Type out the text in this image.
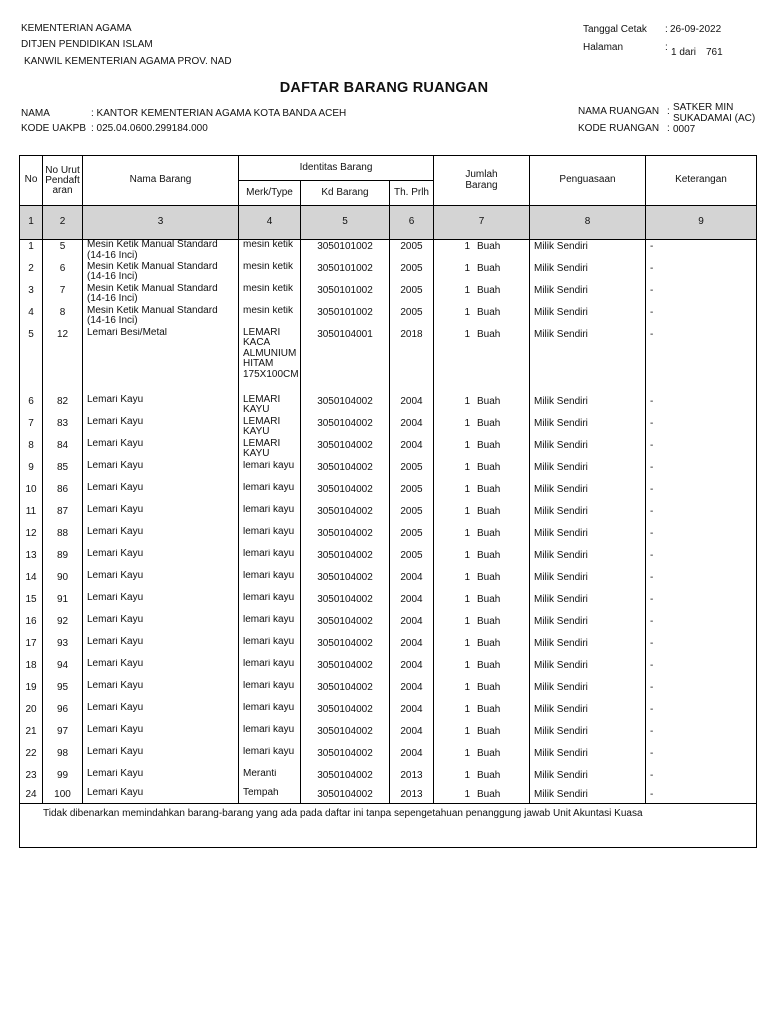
KEMENTERIAN AGAMA
DITJEN PENDIDIKAN ISLAM
KANWIL KEMENTERIAN AGAMA PROV. NAD
Tanggal Cetak : 26-09-2022
Halaman	: 1 dari 761
DAFTAR BARANG RUANGAN
NAMA	: KANTOR KEMENTERIAN AGAMA KOTA BANDA ACEH
KODE UAKPB : 025.04.0600.299184.000
NAMA RUANGAN : SATKER MIN
SUKADAMAI (AC)
KODE RUANGAN : 0007
No	No Urut Pendaft aran	Nama Barang	Identitas Barang			Jumlah Barang	Penguasaan	Keterangan
			Merk/Type	Kd Barang	Th. Prlh			
1	2	3	4	5	6	7	8	9
1	5	Mesin Ketik Manual Standard (14-16 Inci)	mesin ketik	3050101002	2005	1 Buah	Milik Sendiri	-
2	6	Mesin Ketik Manual Standard (14-16 Inci)	mesin ketik	3050101002	2005	1 Buah	Milik Sendiri	-
3	7	Mesin Ketik Manual Standard (14-16 Inci)	mesin ketik	3050101002	2005	1 Buah	Milik Sendiri	-
4	8	Mesin Ketik Manual Standard (14-16 Inci)	mesin ketik	3050101002	2005	1 Buah	Milik Sendiri	-
5	12	Lemari Besi/Metal	LEMARI KACA ALMUNIUM HITAM 175X100CM	3050104001	2018	1 Buah	Milik Sendiri	-
6	82	Lemari Kayu	LEMARI KAYU	3050104002	2004	1 Buah	Milik Sendiri	-
7	83	Lemari Kayu	LEMARI KAYU	3050104002	2004	1 Buah	Milik Sendiri	-
8	84	Lemari Kayu	LEMARI KAYU	3050104002	2004	1 Buah	Milik Sendiri	-
9	85	Lemari Kayu	lemari kayu	3050104002	2005	1 Buah	Milik Sendiri	-
10	86	Lemari Kayu	lemari kayu	3050104002	2005	1 Buah	Milik Sendiri	-
11	87	Lemari Kayu	lemari kayu	3050104002	2005	1 Buah	Milik Sendiri	-
12	88	Lemari Kayu	lemari kayu	3050104002	2005	1 Buah	Milik Sendiri	-
13	89	Lemari Kayu	lemari kayu	3050104002	2005	1 Buah	Milik Sendiri	-
14	90	Lemari Kayu	lemari kayu	3050104002	2004	1 Buah	Milik Sendiri	-
15	91	Lemari Kayu	lemari kayu	3050104002	2004	1 Buah	Milik Sendiri	-
16	92	Lemari Kayu	lemari kayu	3050104002	2004	1 Buah	Milik Sendiri	-
17	93	Lemari Kayu	lemari kayu	3050104002	2004	1 Buah	Milik Sendiri	-
18	94	Lemari Kayu	lemari kayu	3050104002	2004	1 Buah	Milik Sendiri	-
19	95	Lemari Kayu	lemari kayu	3050104002	2004	1 Buah	Milik Sendiri	-
20	96	Lemari Kayu	lemari kayu	3050104002	2004	1 Buah	Milik Sendiri	-
21	97	Lemari Kayu	lemari kayu	3050104002	2004	1 Buah	Milik Sendiri	-
22	98	Lemari Kayu	lemari kayu	3050104002	2004	1 Buah	Milik Sendiri	-
23	99	Lemari Kayu	Meranti	3050104002	2013	1 Buah	Milik Sendiri	-
24	100	Lemari Kayu	Tempah	3050104002	2013	1 Buah	Milik Sendiri	-
Tidak dibenarkan memindahkan barang-barang yang ada pada daftar ini tanpa sepengetahuan penanggung jawab Unit Akuntasi Kuasa								
